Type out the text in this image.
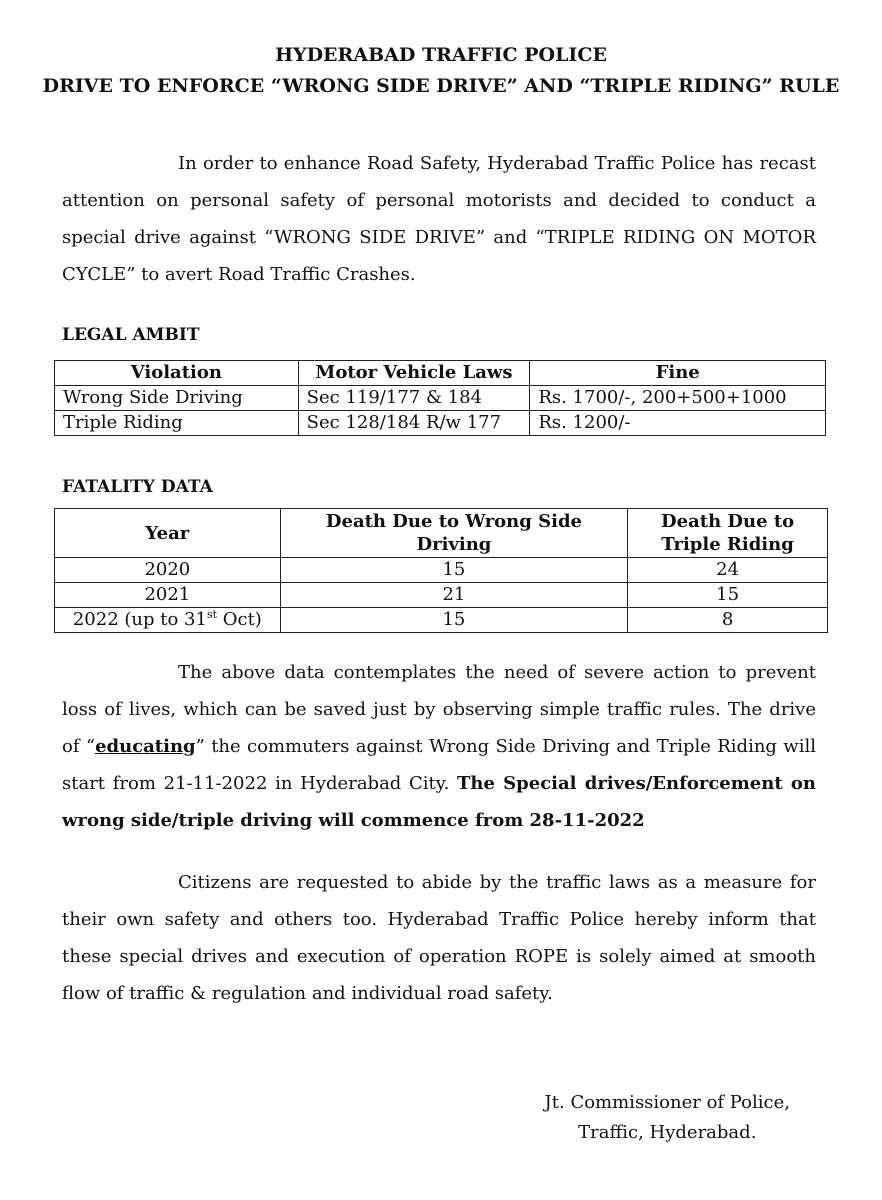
HYDERABAD TRAFFIC POLICE
DRIVE TO ENFORCE “WRONG SIDE DRIVE” AND “TRIPLE RIDING” RULE
In order to enhance Road Safety, Hyderabad Traffic Police has recast attention on personal safety of personal motorists and decided to conduct a special drive against “WRONG SIDE DRIVE” and “TRIPLE RIDING ON MOTOR CYCLE” to avert Road Traffic Crashes.
LEGAL AMBIT
Violation	Motor Vehicle Laws	Fine
Wrong Side Driving	Sec 119/177 & 184	Rs. 1700/-, 200+500+1000
Triple Riding	Sec 128/184 R/w 177	Rs. 1200/-
FATALITY DATA
Year	Death Due to Wrong Side Driving	Death Due to Triple Riding
2020	15	24
2021	21	15
2022 (up to 31st Oct)	15	8
The above data contemplates the need of severe action to prevent loss of lives, which can be saved just by observing simple traffic rules. The drive of “educating” the commuters against Wrong Side Driving and Triple Riding will start from 21-11-2022 in Hyderabad City. The Special drives/Enforcement on wrong side/triple driving will commence from 28-11-2022
Citizens are requested to abide by the traffic laws as a measure for their own safety and others too. Hyderabad Traffic Police hereby inform that these special drives and execution of operation ROPE is solely aimed at smooth flow of traffic & regulation and individual road safety.
Jt. Commissioner of Police,
Traffic, Hyderabad.
